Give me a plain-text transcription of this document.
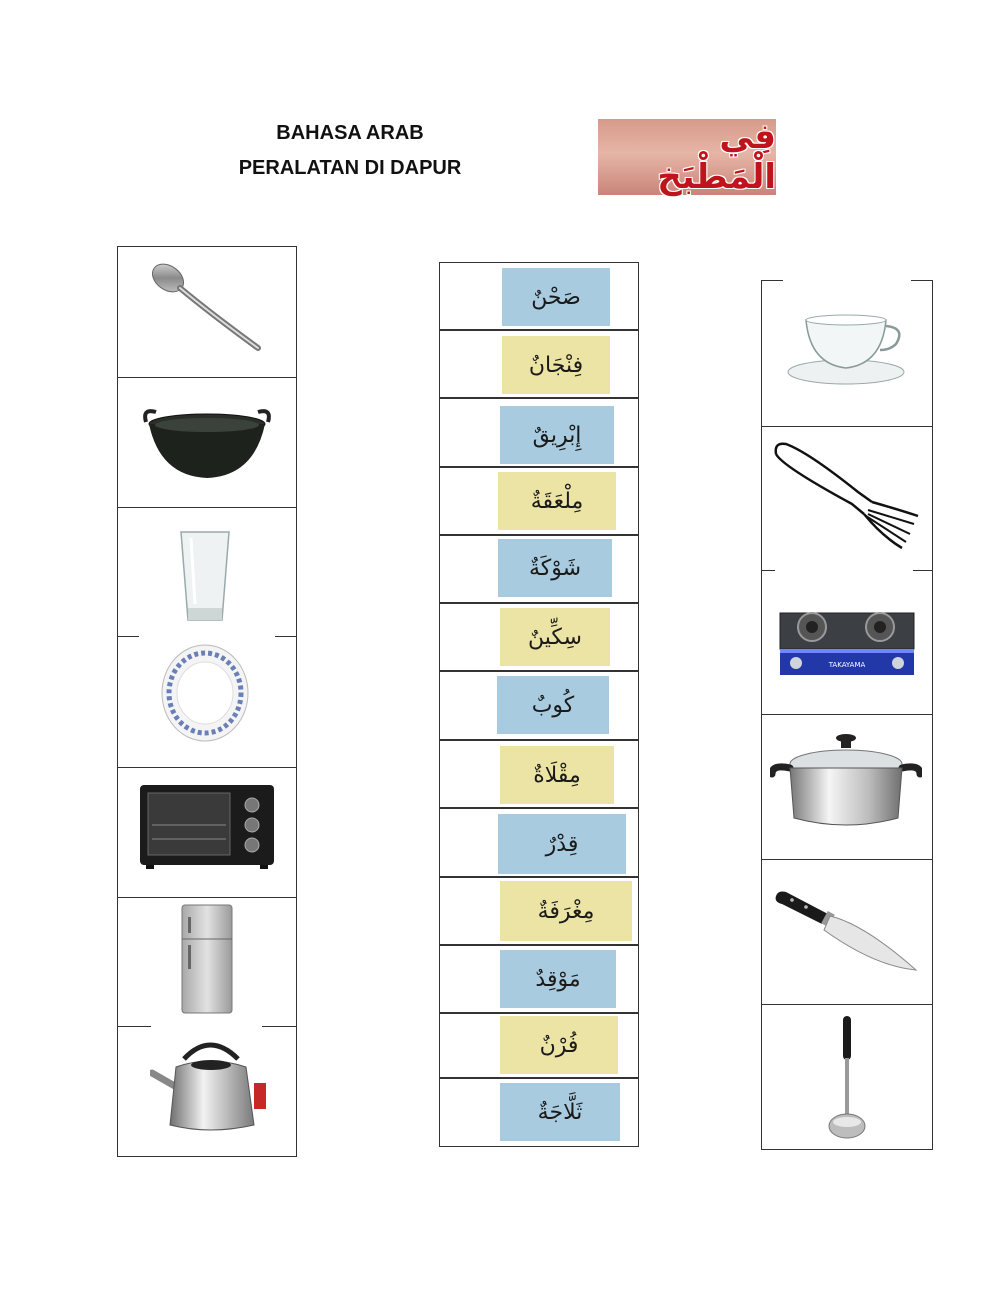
BAHASA ARAB
PERALATAN DI DAPUR
فِي الْمَطْبَخ
صَحْنٌ
فِنْجَانٌ
إِبْرِيقٌ
مِلْعَقَةٌ
شَوْكَةٌ
سِكِّينٌ
كُوبٌ
مِقْلَاةٌ
قِدْرٌ
مِغْرَفَةٌ
مَوْقِدٌ
فُرْنٌ
ثَلَّاجَةٌ
TAKAYAMA
